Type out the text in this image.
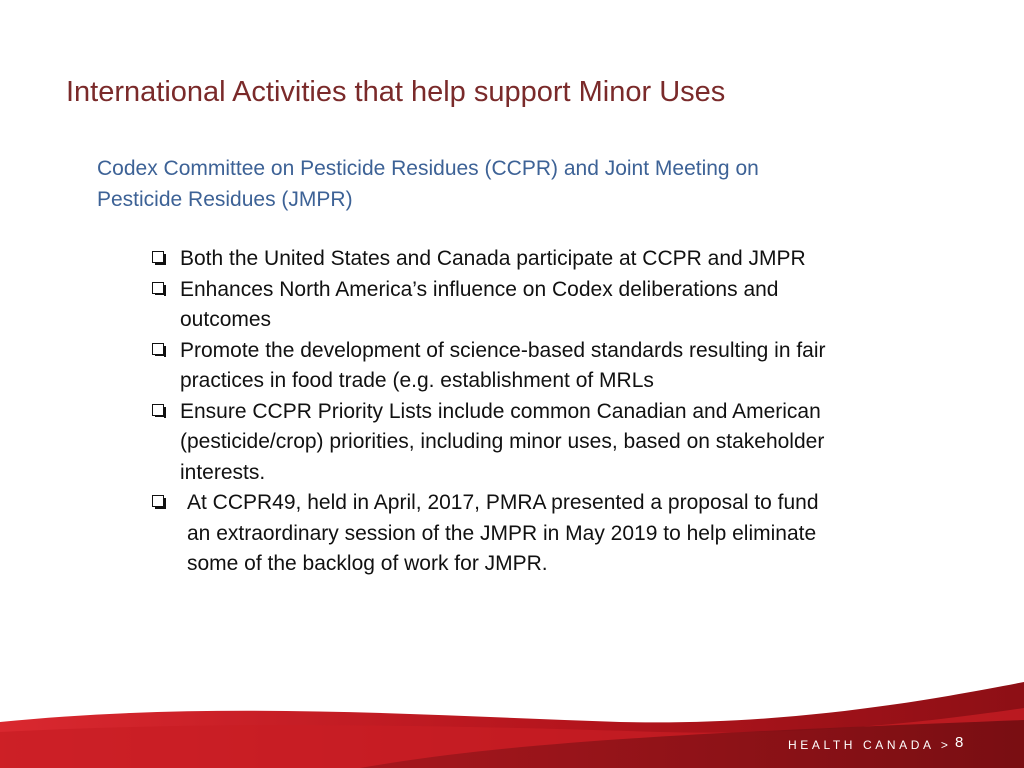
International Activities that help support Minor Uses

Codex Committee on Pesticide Residues (CCPR) and Joint Meeting on Pesticide Residues (JMPR)

Both the United States and Canada participate at CCPR and JMPR
Enhances North America’s influence on Codex deliberations and outcomes
Promote the development of science-based standards resulting in fair practices in food trade (e.g. establishment of MRLs
Ensure CCPR Priority Lists include common Canadian and American (pesticide/crop) priorities, including minor uses, based on stakeholder interests.
At CCPR49, held in April, 2017, PMRA presented a proposal to fund an extraordinary session of the JMPR in May 2019 to help eliminate some of the backlog of work for JMPR.
HEALTH CANADA > 8
